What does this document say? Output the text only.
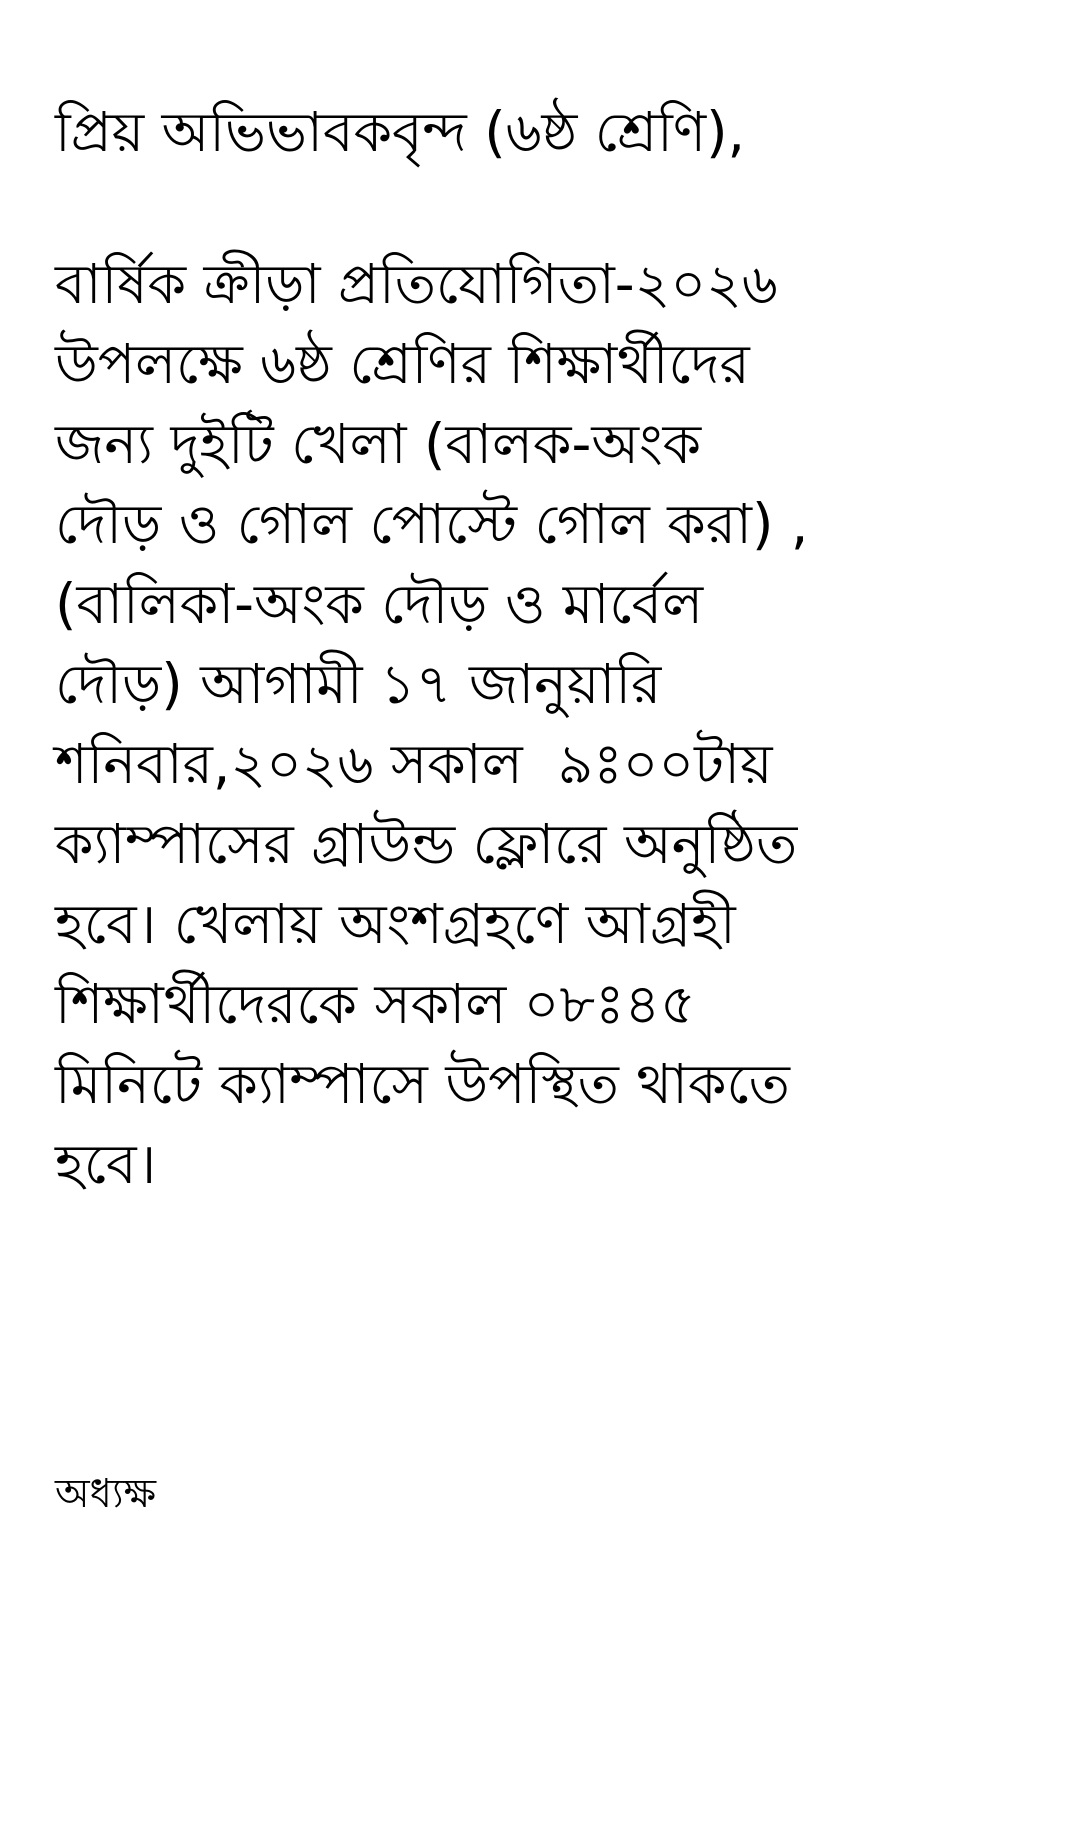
প্রিয় অভিভাবকবৃন্দ (৬ষ্ঠ শ্রেণি),
বার্ষিক ক্রীড়া প্রতিযোগিতা-২০২৬
উপলক্ষে ৬ষ্ঠ শ্রেণির শিক্ষার্থীদের
জন্য দুইটি খেলা (বালক-অংক
দৌড় ও গোল পোস্টে গোল করা) ,
(বালিকা-অংক দৌড় ও মার্বেল
দৌড়) আগামী ১৭ জানুয়ারি
শনিবার,২০২৬ সকাল  ৯ঃ০০টায়
ক্যাম্পাসের গ্রাউন্ড ফ্লোরে অনুষ্ঠিত
হবে। খেলায় অংশগ্রহণে আগ্রহী
শিক্ষার্থীদেরকে সকাল ০৮ঃ৪৫
মিনিটে ক্যাম্পাসে উপস্থিত থাকতে
হবে।
অধ্যক্ষ
